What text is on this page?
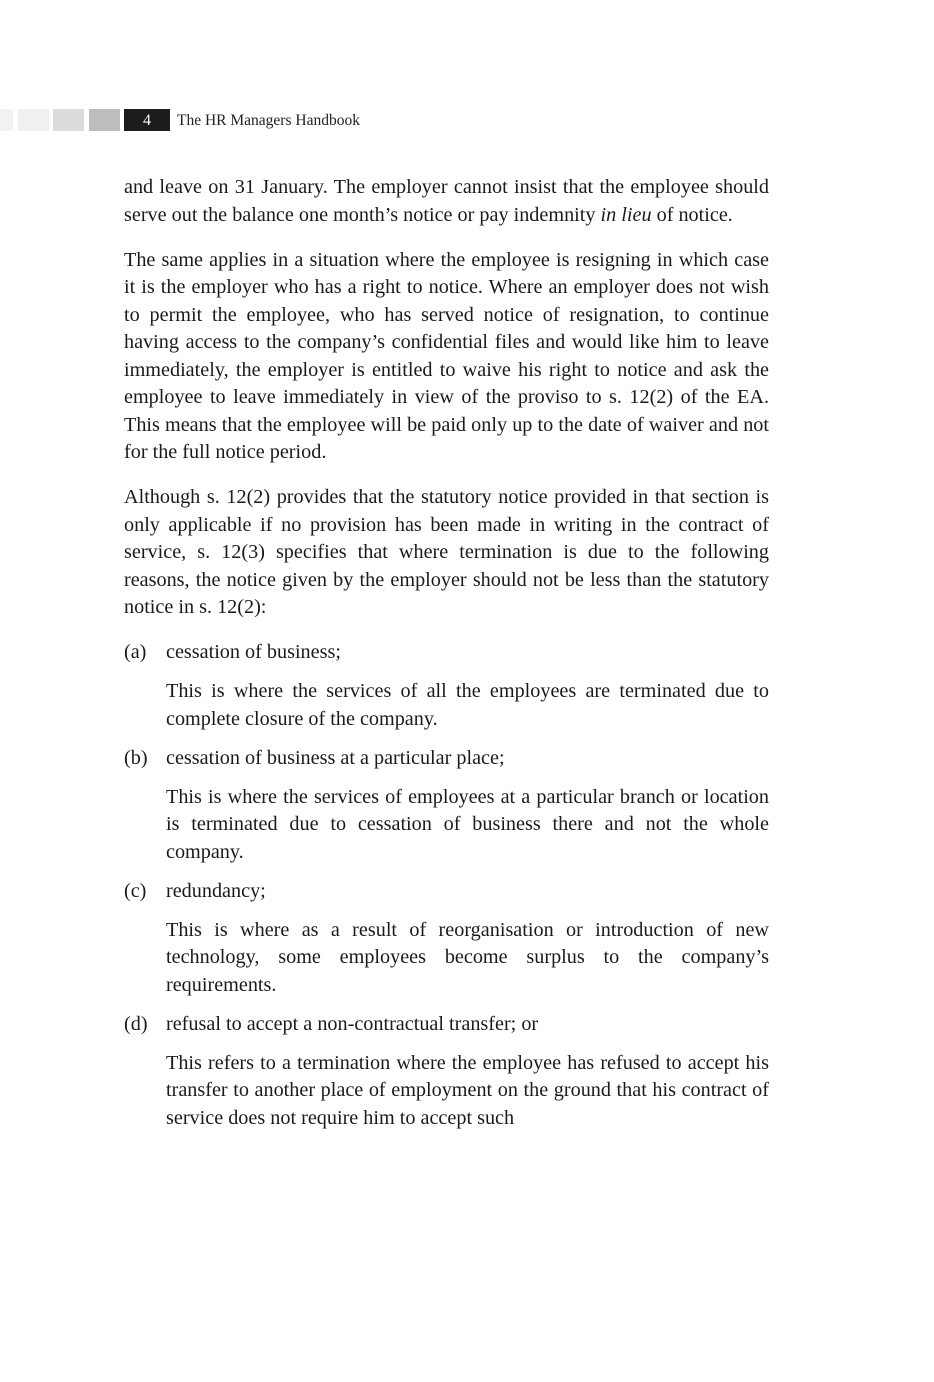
4	The HR Managers Handbook

and leave on 31 January. The employer cannot insist that the employee should serve out the balance one month’s notice or pay indemnity in lieu of notice.

The same applies in a situation where the employee is resigning in which case it is the employer who has a right to notice. Where an employer does not wish to permit the employee, who has served notice of resignation, to continue having access to the company’s confidential files and would like him to leave immediately, the employer is entitled to waive his right to notice and ask the employee to leave immediately in view of the proviso to s. 12(2) of the EA. This means that the employee will be paid only up to the date of waiver and not for the full notice period.

Although s. 12(2) provides that the statutory notice provided in that section is only applicable if no provision has been made in writing in the contract of service, s. 12(3) specifies that where termination is due to the following reasons, the notice given by the employer should not be less than the statutory notice in s. 12(2):

(a) cessation of business;
This is where the services of all the employees are terminated due to complete closure of the company.
(b) cessation of business at a particular place;
This is where the services of employees at a particular branch or location is terminated due to cessation of business there and not the whole company.
(c) redundancy;
This is where as a result of reorganisation or introduction of new technology, some employees become surplus to the company’s requirements.
(d) refusal to accept a non-contractual transfer; or
This refers to a termination where the employee has refused to accept his transfer to another place of employment on the ground that his contract of service does not require him to accept such
